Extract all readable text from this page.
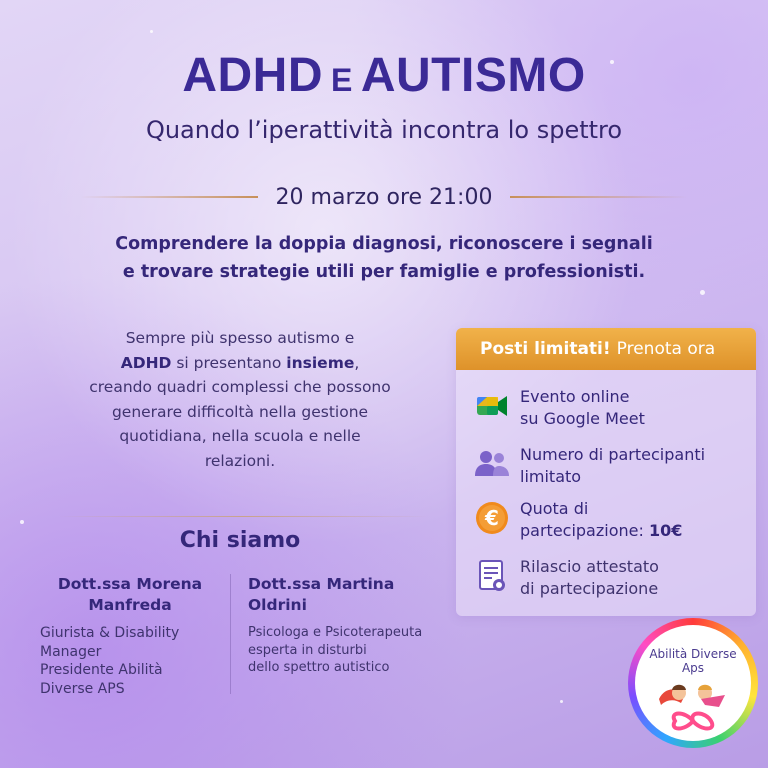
ADHD E AUTISMO
Quando l’iperattività incontra lo spettro
20 marzo ore 21:00
Comprendere la doppia diagnosi, riconoscere i segnali
e trovare strategie utili per famiglie e professionisti.
Sempre più spesso autismo e
ADHD si presentano insieme,
creando quadri complessi che possono
generare difficoltà nella gestione
quotidiana, nella scuola e nelle
relazioni.
Chi siamo
Dott.ssa Morena
Manfreda
Giurista & Disability
Manager
Presidente Abilità
Diverse APS
Dott.ssa Martina
Oldrini
Psicologa e Psicoterapeuta
esperta in disturbi
dello spettro autistico
Posti limitati! Prenota ora
Evento online
su Google Meet
Numero di partecipanti
limitato
€ Quota di
partecipazione: 10€
Rilascio attestato
di partecipazione
Abilità Diverse
Aps
